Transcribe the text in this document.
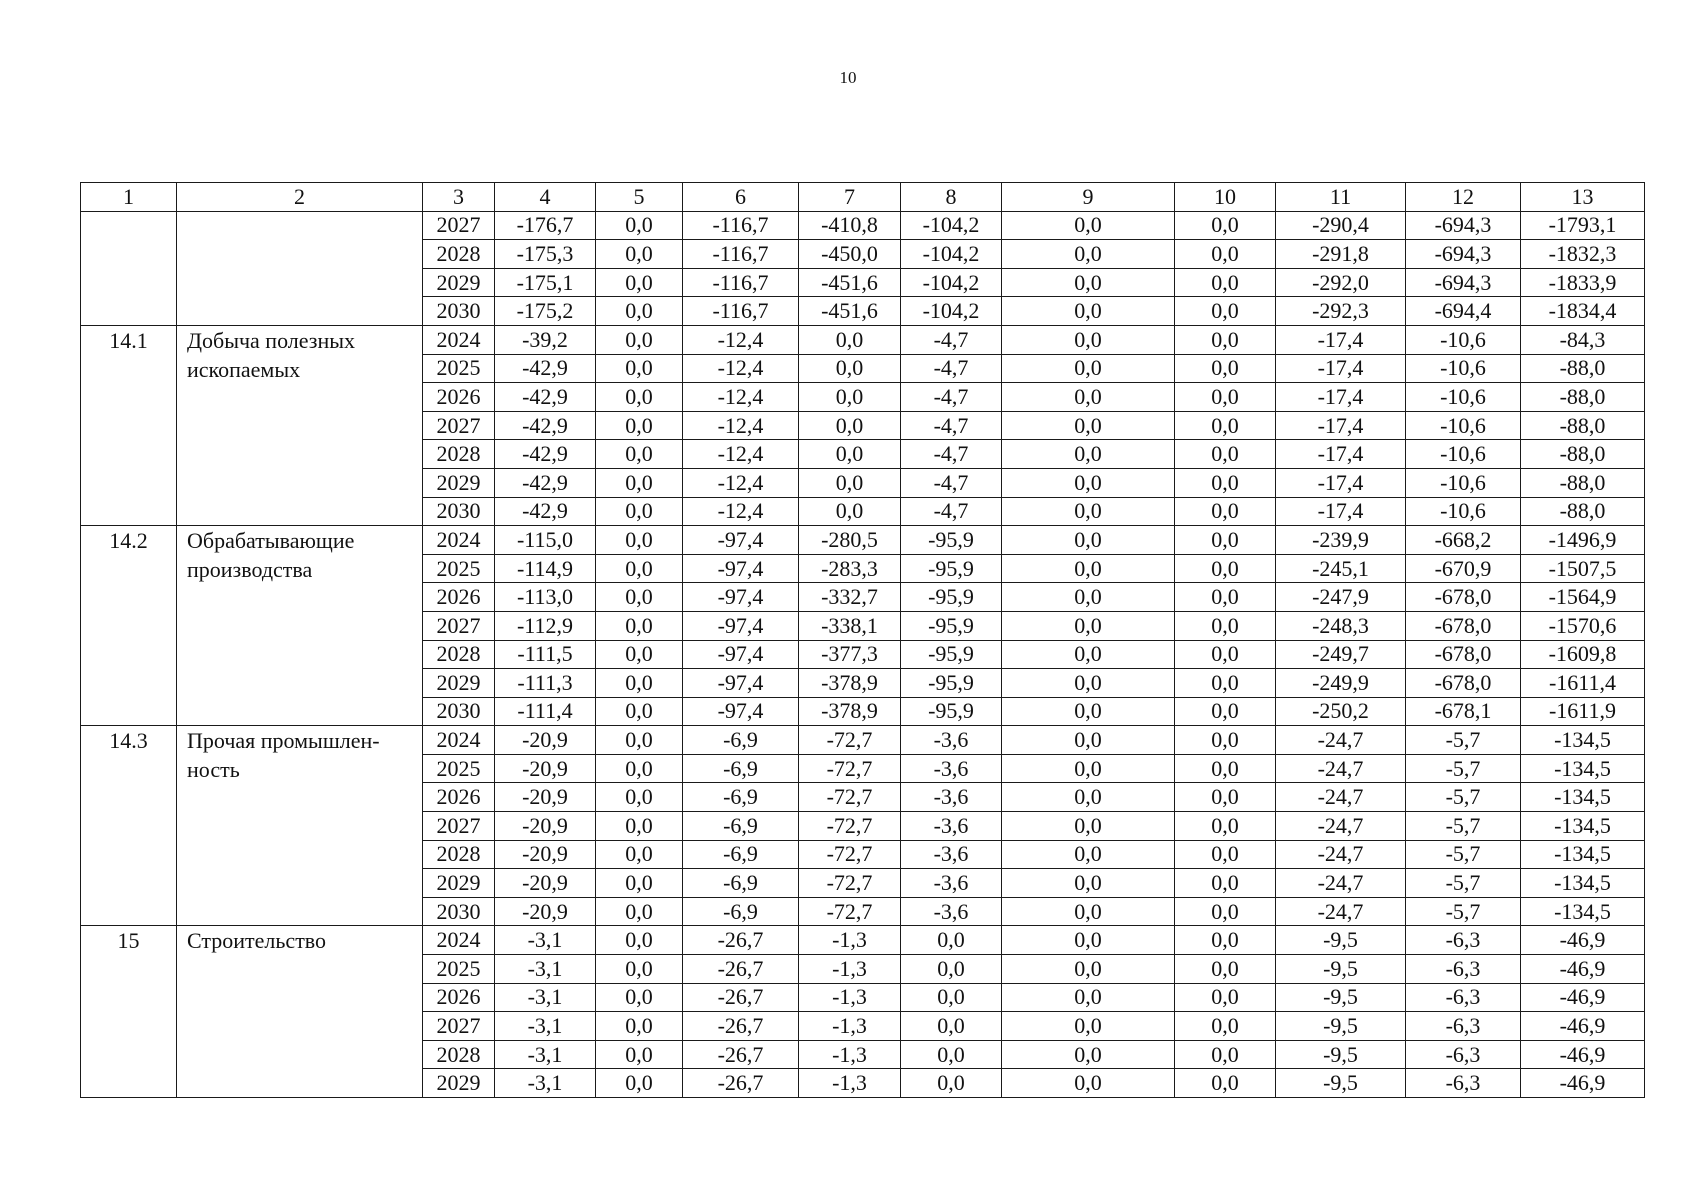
10
1	2	3	4	5	6	7	8	9	10	11	12	13
		2027	-176,7	0,0	-116,7	-410,8	-104,2	0,0	0,0	-290,4	-694,3	-1793,1
		2028	-175,3	0,0	-116,7	-450,0	-104,2	0,0	0,0	-291,8	-694,3	-1832,3
		2029	-175,1	0,0	-116,7	-451,6	-104,2	0,0	0,0	-292,0	-694,3	-1833,9
		2030	-175,2	0,0	-116,7	-451,6	-104,2	0,0	0,0	-292,3	-694,4	-1834,4
14.1	Добыча полезных ископаемых	2024	-39,2	0,0	-12,4	0,0	-4,7	0,0	0,0	-17,4	-10,6	-84,3
		2025	-42,9	0,0	-12,4	0,0	-4,7	0,0	0,0	-17,4	-10,6	-88,0
		2026	-42,9	0,0	-12,4	0,0	-4,7	0,0	0,0	-17,4	-10,6	-88,0
		2027	-42,9	0,0	-12,4	0,0	-4,7	0,0	0,0	-17,4	-10,6	-88,0
		2028	-42,9	0,0	-12,4	0,0	-4,7	0,0	0,0	-17,4	-10,6	-88,0
		2029	-42,9	0,0	-12,4	0,0	-4,7	0,0	0,0	-17,4	-10,6	-88,0
		2030	-42,9	0,0	-12,4	0,0	-4,7	0,0	0,0	-17,4	-10,6	-88,0
14.2	Обрабатывающие производства	2024	-115,0	0,0	-97,4	-280,5	-95,9	0,0	0,0	-239,9	-668,2	-1496,9
		2025	-114,9	0,0	-97,4	-283,3	-95,9	0,0	0,0	-245,1	-670,9	-1507,5
		2026	-113,0	0,0	-97,4	-332,7	-95,9	0,0	0,0	-247,9	-678,0	-1564,9
		2027	-112,9	0,0	-97,4	-338,1	-95,9	0,0	0,0	-248,3	-678,0	-1570,6
		2028	-111,5	0,0	-97,4	-377,3	-95,9	0,0	0,0	-249,7	-678,0	-1609,8
		2029	-111,3	0,0	-97,4	-378,9	-95,9	0,0	0,0	-249,9	-678,0	-1611,4
		2030	-111,4	0,0	-97,4	-378,9	-95,9	0,0	0,0	-250,2	-678,1	-1611,9
14.3	Прочая промышлен-ность	2024	-20,9	0,0	-6,9	-72,7	-3,6	0,0	0,0	-24,7	-5,7	-134,5
		2025	-20,9	0,0	-6,9	-72,7	-3,6	0,0	0,0	-24,7	-5,7	-134,5
		2026	-20,9	0,0	-6,9	-72,7	-3,6	0,0	0,0	-24,7	-5,7	-134,5
		2027	-20,9	0,0	-6,9	-72,7	-3,6	0,0	0,0	-24,7	-5,7	-134,5
		2028	-20,9	0,0	-6,9	-72,7	-3,6	0,0	0,0	-24,7	-5,7	-134,5
		2029	-20,9	0,0	-6,9	-72,7	-3,6	0,0	0,0	-24,7	-5,7	-134,5
		2030	-20,9	0,0	-6,9	-72,7	-3,6	0,0	0,0	-24,7	-5,7	-134,5
15	Строительство	2024	-3,1	0,0	-26,7	-1,3	0,0	0,0	0,0	-9,5	-6,3	-46,9
		2025	-3,1	0,0	-26,7	-1,3	0,0	0,0	0,0	-9,5	-6,3	-46,9
		2026	-3,1	0,0	-26,7	-1,3	0,0	0,0	0,0	-9,5	-6,3	-46,9
		2027	-3,1	0,0	-26,7	-1,3	0,0	0,0	0,0	-9,5	-6,3	-46,9
		2028	-3,1	0,0	-26,7	-1,3	0,0	0,0	0,0	-9,5	-6,3	-46,9
		2029	-3,1	0,0	-26,7	-1,3	0,0	0,0	0,0	-9,5	-6,3	-46,9
